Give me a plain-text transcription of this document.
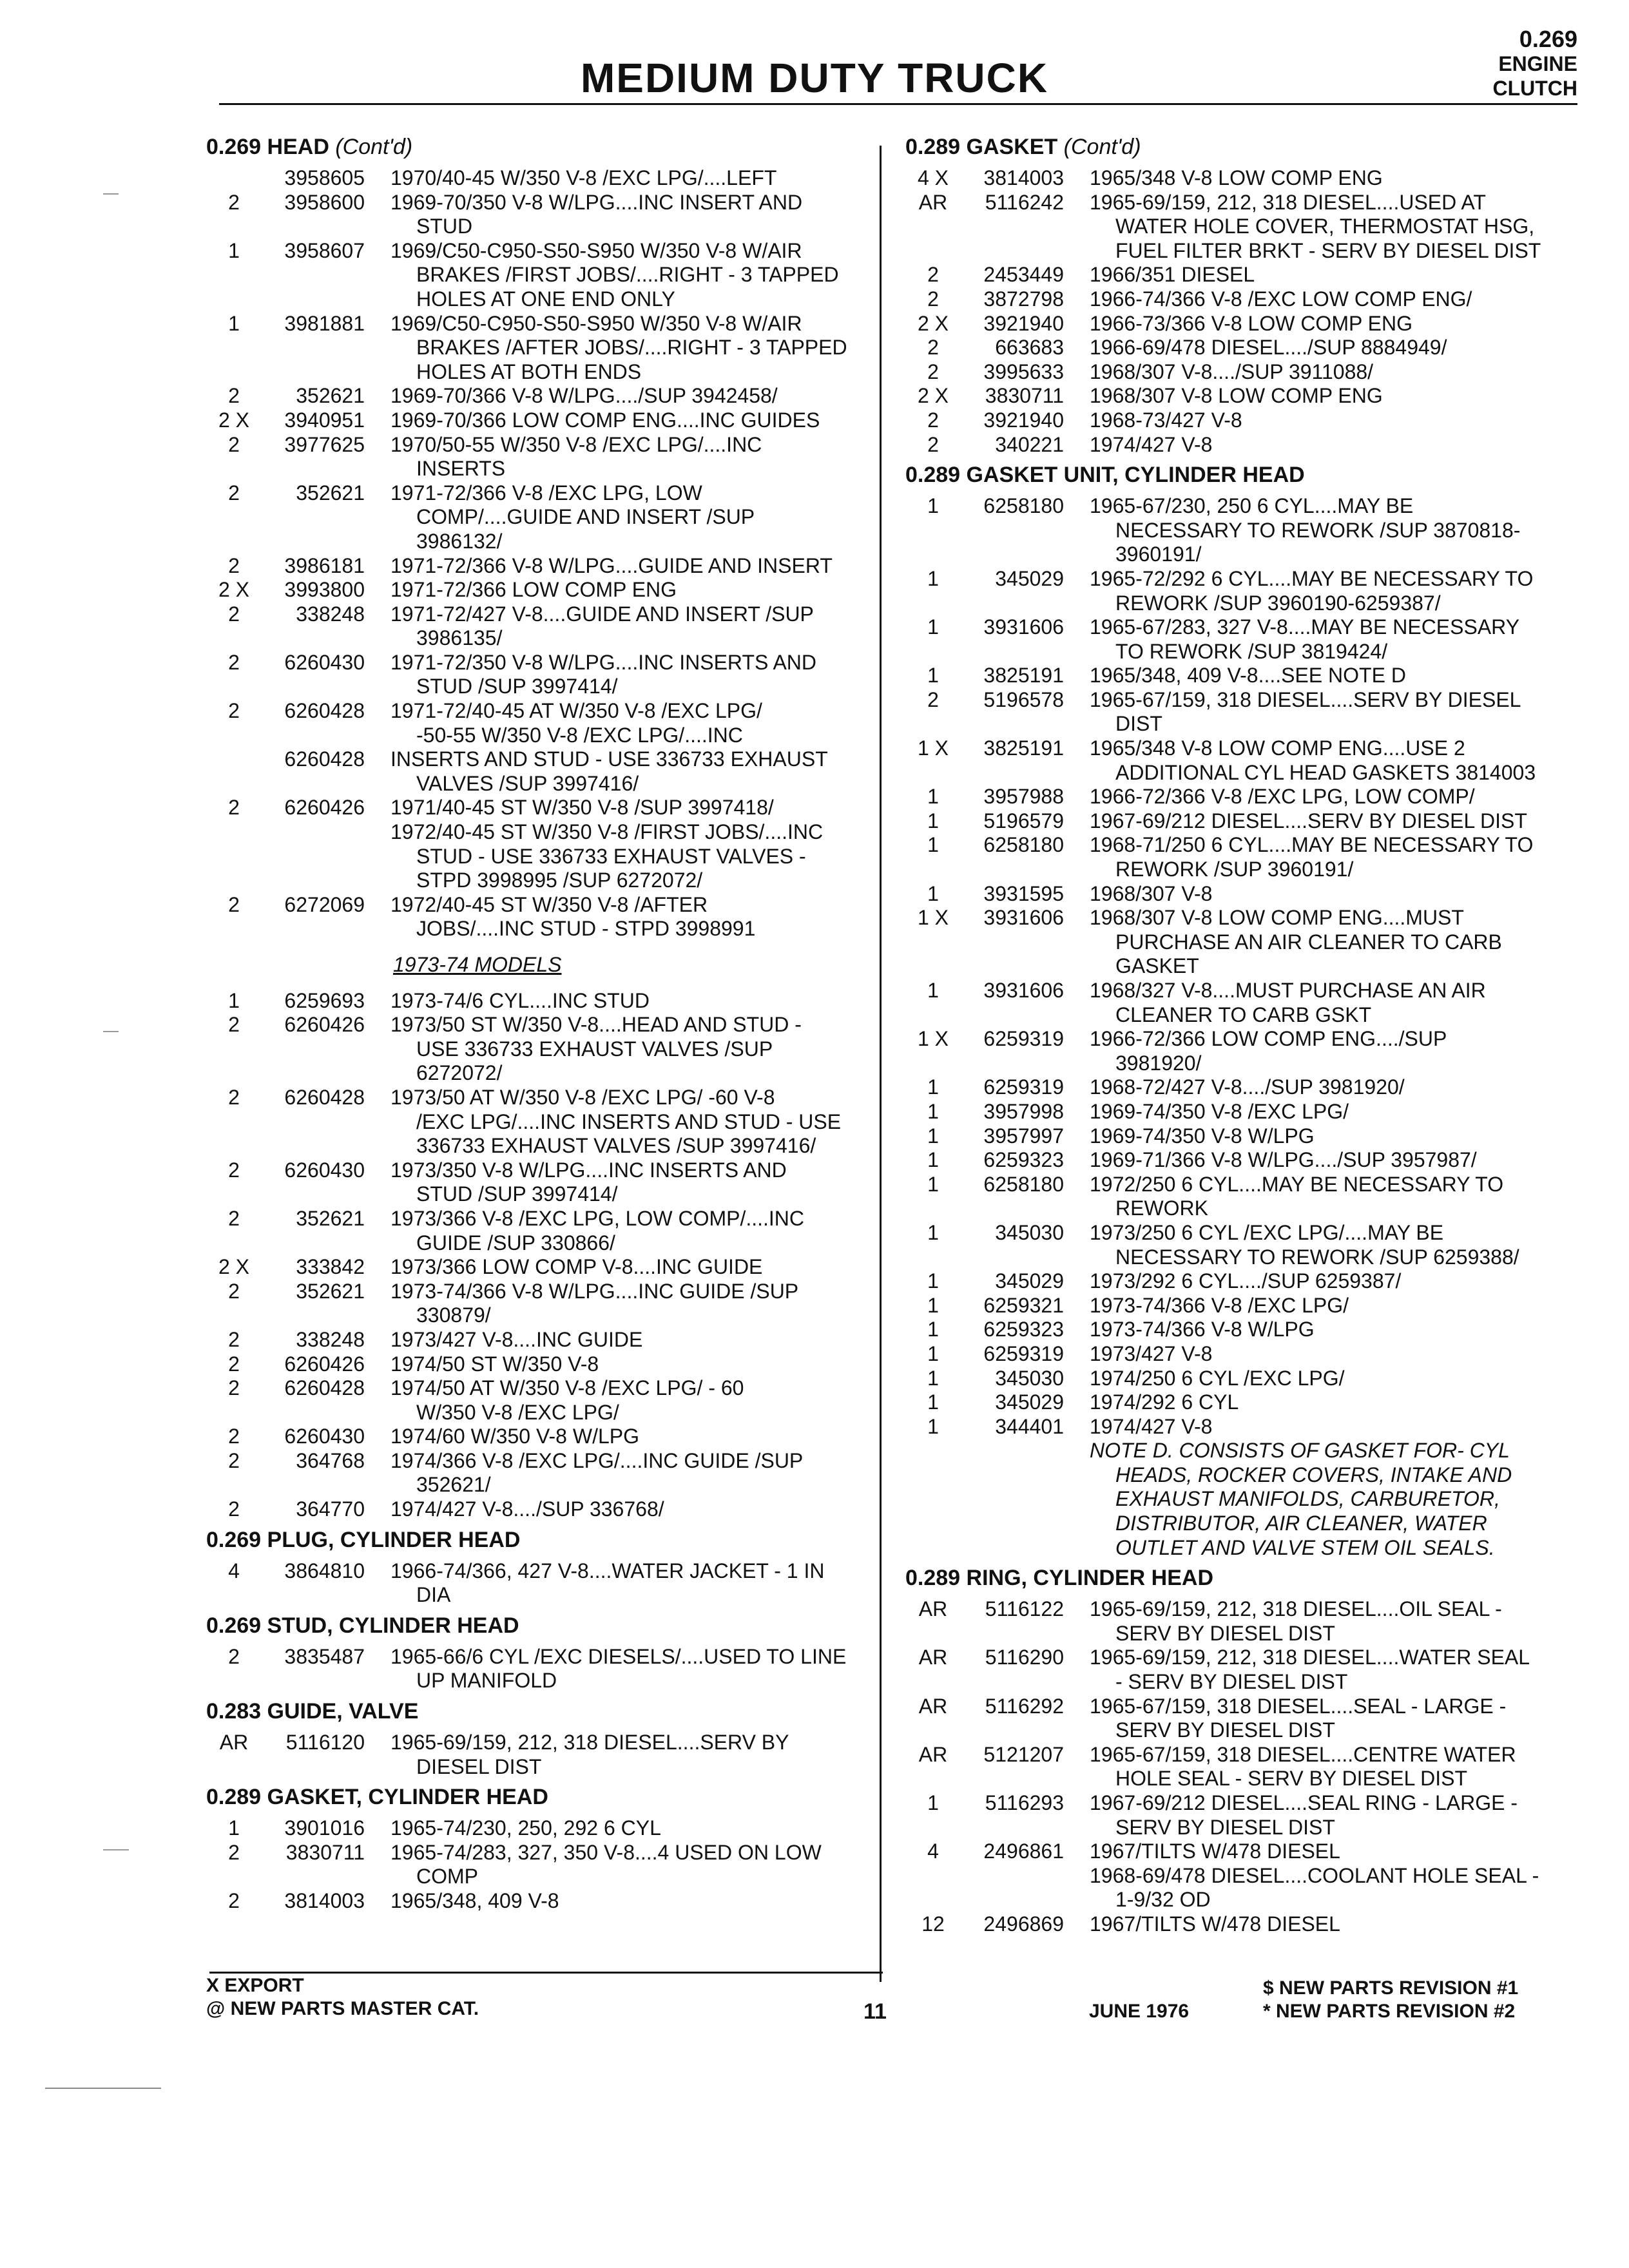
MEDIUM DUTY TRUCK
0.269
ENGINE
CLUTCH
0.269 HEAD (Cont'd)
3958605 1970/40-45 W/350 V-8 /EXC LPG/....LEFT
2	3958600 1969-70/350 V-8 W/LPG....INC INSERT AND
STUD
1	3958607 1969/C50-C950-S50-S950 W/350 V-8 W/AIR
BRAKES /FIRST JOBS/....RIGHT - 3 TAPPED
HOLES AT ONE END ONLY
1	3981881 1969/C50-C950-S50-S950 W/350 V-8 W/AIR
BRAKES /AFTER JOBS/....RIGHT - 3 TAPPED
HOLES AT BOTH ENDS
2	352621 1969-70/366 V-8 W/LPG..../SUP 3942458/
2 X	3940951 1969-70/366 LOW COMP ENG....INC GUIDES
2	3977625 1970/50-55 W/350 V-8 /EXC LPG/....INC
INSERTS
2	352621 1971-72/366 V-8 /EXC LPG, LOW
COMP/....GUIDE AND INSERT /SUP
3986132/
2	3986181 1971-72/366 V-8 W/LPG....GUIDE AND INSERT
2 X	3993800 1971-72/366 LOW COMP ENG
2	338248 1971-72/427 V-8....GUIDE AND INSERT /SUP
3986135/
2	6260430 1971-72/350 V-8 W/LPG....INC INSERTS AND
STUD /SUP 3997414/
2	6260428 1971-72/40-45 AT W/350 V-8 /EXC LPG/
-50-55 W/350 V-8 /EXC LPG/....INC
6260428 INSERTS AND STUD - USE 336733 EXHAUST
VALVES /SUP 3997416/
2	6260426 1971/40-45 ST W/350 V-8 /SUP 3997418/
1972/40-45 ST W/350 V-8 /FIRST JOBS/....INC
STUD - USE 336733 EXHAUST VALVES -
STPD 3998995 /SUP 6272072/
2	6272069 1972/40-45 ST W/350 V-8 /AFTER
JOBS/....INC STUD - STPD 3998991
1973-74 MODELS
1	6259693 1973-74/6 CYL....INC STUD
2	6260426 1973/50 ST W/350 V-8....HEAD AND STUD -
USE 336733 EXHAUST VALVES /SUP
6272072/
2	6260428 1973/50 AT W/350 V-8 /EXC LPG/ -60 V-8
/EXC LPG/....INC INSERTS AND STUD - USE
336733 EXHAUST VALVES /SUP 3997416/
2	6260430 1973/350 V-8 W/LPG....INC INSERTS AND
STUD /SUP 3997414/
2	352621 1973/366 V-8 /EXC LPG, LOW COMP/....INC
GUIDE /SUP 330866/
2 X	333842 1973/366 LOW COMP V-8....INC GUIDE
2	352621 1973-74/366 V-8 W/LPG....INC GUIDE /SUP
330879/
2	338248 1973/427 V-8....INC GUIDE
2	6260426 1974/50 ST W/350 V-8
2	6260428 1974/50 AT W/350 V-8 /EXC LPG/ - 60
W/350 V-8 /EXC LPG/
2	6260430 1974/60 W/350 V-8 W/LPG
2	364768 1974/366 V-8 /EXC LPG/....INC GUIDE /SUP
352621/
2	364770 1974/427 V-8..../SUP 336768/
0.269 PLUG, CYLINDER HEAD
4	3864810 1966-74/366, 427 V-8....WATER JACKET - 1 IN
DIA
0.269 STUD, CYLINDER HEAD
2	3835487 1965-66/6 CYL /EXC DIESELS/....USED TO LINE
UP MANIFOLD
0.283 GUIDE, VALVE
AR	5116120 1965-69/159, 212, 318 DIESEL....SERV BY
DIESEL DIST
0.289 GASKET, CYLINDER HEAD
1	3901016 1965-74/230, 250, 292 6 CYL
2	3830711 1965-74/283, 327, 350 V-8....4 USED ON LOW
COMP
2	3814003 1965/348, 409 V-8
0.289 GASKET (Cont'd)
4 X	3814003 1965/348 V-8 LOW COMP ENG
AR	5116242 1965-69/159, 212, 318 DIESEL....USED AT
WATER HOLE COVER, THERMOSTAT HSG,
FUEL FILTER BRKT - SERV BY DIESEL DIST
2	2453449 1966/351 DIESEL
2	3872798 1966-74/366 V-8 /EXC LOW COMP ENG/
2 X	3921940 1966-73/366 V-8 LOW COMP ENG
2	663683 1966-69/478 DIESEL..../SUP 8884949/
2	3995633 1968/307 V-8..../SUP 3911088/
2 X	3830711 1968/307 V-8 LOW COMP ENG
2	3921940 1968-73/427 V-8
2	340221 1974/427 V-8
0.289 GASKET UNIT, CYLINDER HEAD
1	6258180 1965-67/230, 250 6 CYL....MAY BE
NECESSARY TO REWORK /SUP 3870818-
3960191/
1	345029 1965-72/292 6 CYL....MAY BE NECESSARY TO
REWORK /SUP 3960190-6259387/
1	3931606 1965-67/283, 327 V-8....MAY BE NECESSARY
TO REWORK /SUP 3819424/
1	3825191 1965/348, 409 V-8....SEE NOTE D
2	5196578 1965-67/159, 318 DIESEL....SERV BY DIESEL
DIST
1 X	3825191 1965/348 V-8 LOW COMP ENG....USE 2
ADDITIONAL CYL HEAD GASKETS 3814003
1	3957988 1966-72/366 V-8 /EXC LPG, LOW COMP/
1	5196579 1967-69/212 DIESEL....SERV BY DIESEL DIST
1	6258180 1968-71/250 6 CYL....MAY BE NECESSARY TO
REWORK /SUP 3960191/
1	3931595 1968/307 V-8
1 X	3931606 1968/307 V-8 LOW COMP ENG....MUST
PURCHASE AN AIR CLEANER TO CARB
GASKET
1	3931606 1968/327 V-8....MUST PURCHASE AN AIR
CLEANER TO CARB GSKT
1 X	6259319 1966-72/366 LOW COMP ENG..../SUP
3981920/
1	6259319 1968-72/427 V-8..../SUP 3981920/
1	3957998 1969-74/350 V-8 /EXC LPG/
1	3957997 1969-74/350 V-8 W/LPG
1	6259323 1969-71/366 V-8 W/LPG..../SUP 3957987/
1	6258180 1972/250 6 CYL....MAY BE NECESSARY TO
REWORK
1	345030 1973/250 6 CYL /EXC LPG/....MAY BE
NECESSARY TO REWORK /SUP 6259388/
1	345029 1973/292 6 CYL..../SUP 6259387/
1	6259321 1973-74/366 V-8 /EXC LPG/
1	6259323 1973-74/366 V-8 W/LPG
1	6259319 1973/427 V-8
1	345030 1974/250 6 CYL /EXC LPG/
1	345029 1974/292 6 CYL
1	344401 1974/427 V-8
NOTE D. CONSISTS OF GASKET FOR- CYL
HEADS, ROCKER COVERS, INTAKE AND
EXHAUST MANIFOLDS, CARBURETOR,
DISTRIBUTOR, AIR CLEANER, WATER
OUTLET AND VALVE STEM OIL SEALS.
0.289 RING, CYLINDER HEAD
AR	5116122 1965-69/159, 212, 318 DIESEL....OIL SEAL -
SERV BY DIESEL DIST
AR	5116290 1965-69/159, 212, 318 DIESEL....WATER SEAL
- SERV BY DIESEL DIST
AR	5116292 1965-67/159, 318 DIESEL....SEAL - LARGE -
SERV BY DIESEL DIST
AR	5121207 1965-67/159, 318 DIESEL....CENTRE WATER
HOLE SEAL - SERV BY DIESEL DIST
1	5116293 1967-69/212 DIESEL....SEAL RING - LARGE -
SERV BY DIESEL DIST
4	2496861 1967/TILTS W/478 DIESEL
1968-69/478 DIESEL....COOLANT HOLE SEAL -
1-9/32 OD
12	2496869 1967/TILTS W/478 DIESEL
X EXPORT
@ NEW PARTS MASTER CAT.	11	JUNE 1976
$ NEW PARTS REVISION #1
* NEW PARTS REVISION #2
